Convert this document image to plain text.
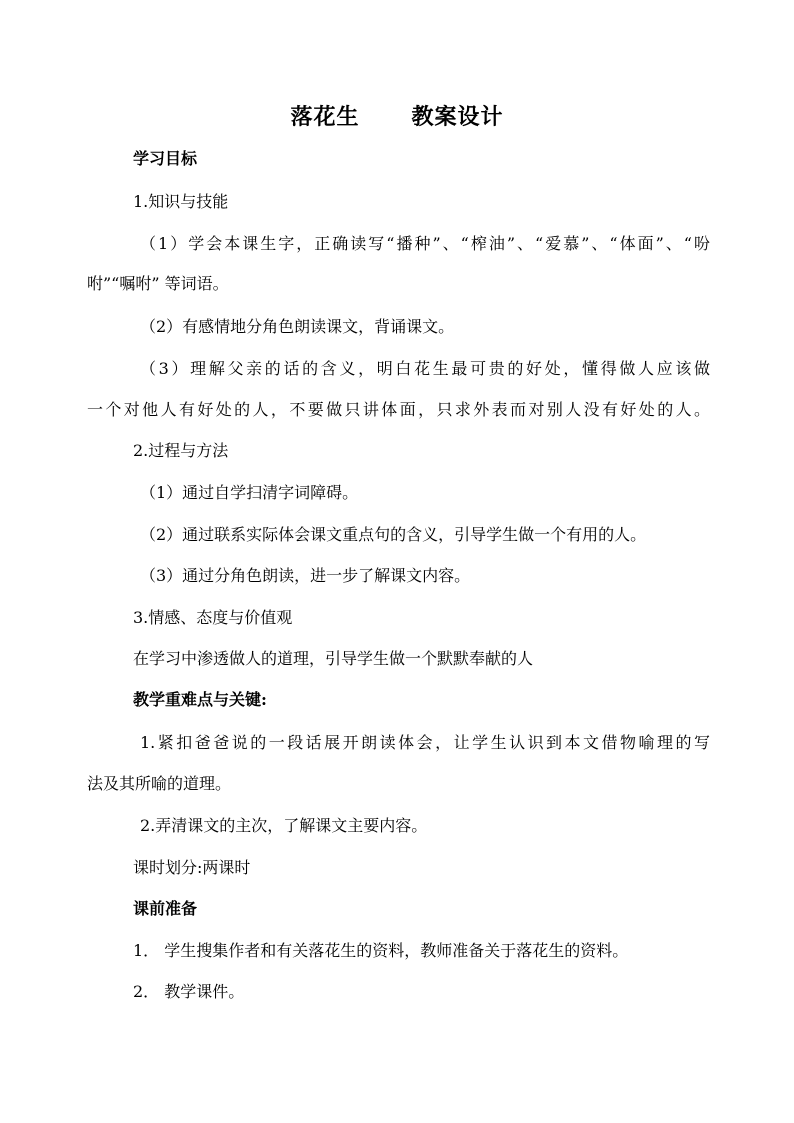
落花生      教案设计
学习目标
1.知识与技能
（1）学会本课生字，正确读写“播种”、“榨油”、“爱慕”、“体面”、“吩
咐”“嘱咐” 等词语。
（2）有感情地分角色朗读课文，背诵课文。
（3）理解父亲的话的含义，明白花生最可贵的好处，懂得做人应该做
一个对他人有好处的人，不要做只讲体面，只求外表而对别人没有好处的人。
2.过程与方法
（1）通过自学扫清字词障碍。
（2）通过联系实际体会课文重点句的含义，引导学生做一个有用的人。
（3）通过分角色朗读，进一步了解课文内容。
3.情感、态度与价值观
在学习中渗透做人的道理，引导学生做一个默默奉献的人
教学重难点与关键:
1.紧扣爸爸说的一段话展开朗读体会，让学生认识到本文借物喻理的写
法及其所喻的道理。
2.弄清课文的主次，了解课文主要内容。
课时划分:两课时
课前准备
1． 学生搜集作者和有关落花生的资料，教师准备关于落花生的资料。
2． 教学课件。
